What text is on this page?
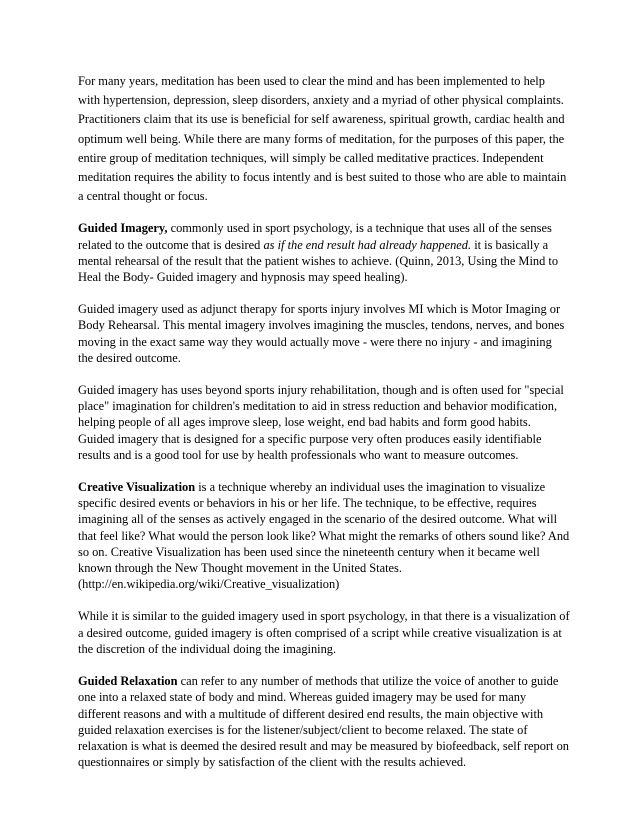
For many years, meditation has been used to clear the mind and has been implemented to help with hypertension, depression, sleep disorders, anxiety and a myriad of other physical complaints. Practitioners claim that its use is beneficial for self awareness, spiritual growth, cardiac health and optimum well being. While there are many forms of meditation, for the purposes of this paper, the entire group of meditation techniques, will simply be called meditative practices. Independent meditation requires the ability to focus intently and is best suited to those who are able to maintain a central thought or focus.

Guided Imagery, commonly used in sport psychology, is a technique that uses all of the senses related to the outcome that is desired as if the end result had already happened. it is basically a mental rehearsal of the result that the patient wishes to achieve. (Quinn, 2013, Using the Mind to Heal the Body- Guided imagery and hypnosis may speed healing).

Guided imagery used as adjunct therapy for sports injury involves MI which is Motor Imaging or Body Rehearsal. This mental imagery involves imagining the muscles, tendons, nerves, and bones moving in the exact same way they would actually move - were there no injury - and imagining the desired outcome.

Guided imagery has uses beyond sports injury rehabilitation, though and is often used for "special place" imagination for children's meditation to aid in stress reduction and behavior modification, helping people of all ages improve sleep, lose weight, end bad habits and form good habits. Guided imagery that is designed for a specific purpose very often produces easily identifiable results and is a good tool for use by health professionals who want to measure outcomes.

Creative Visualization is a technique whereby an individual uses the imagination to visualize specific desired events or behaviors in his or her life. The technique, to be effective, requires imagining all of the senses as actively engaged in the scenario of the desired outcome. What will that feel like? What would the person look like? What might the remarks of others sound like? And so on. Creative Visualization has been used since the nineteenth century when it became well known through the New Thought movement in the United States. (http://en.wikipedia.org/wiki/Creative_visualization)

While it is similar to the guided imagery used in sport psychology, in that there is a visualization of a desired outcome, guided imagery is often comprised of a script while creative visualization is at the discretion of the individual doing the imagining.

Guided Relaxation can refer to any number of methods that utilize the voice of another to guide one into a relaxed state of body and mind. Whereas guided imagery may be used for many different reasons and with a multitude of different desired end results, the main objective with guided relaxation exercises is for the listener/subject/client to become relaxed. The state of relaxation is what is deemed the desired result and may be measured by biofeedback, self report on questionnaires or simply by satisfaction of the client with the results achieved.
